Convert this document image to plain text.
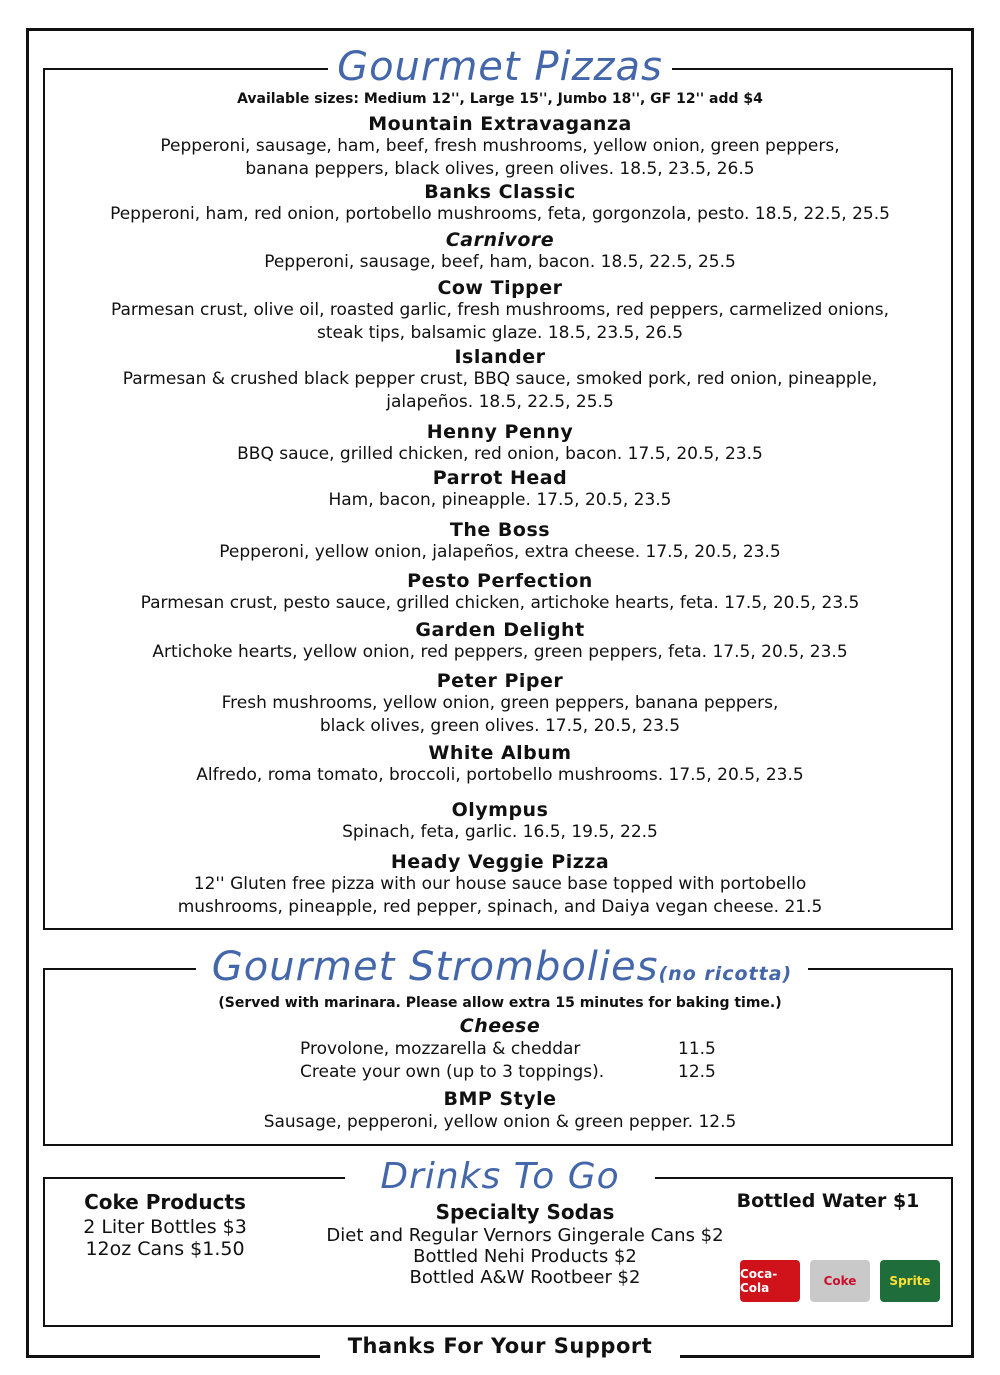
Gourmet Pizzas
Available sizes: Medium 12'', Large 15'', Jumbo 18'', GF 12'' add $4
Mountain Extravaganza
Pepperoni, sausage, ham, beef, fresh mushrooms, yellow onion, green peppers,
banana peppers, black olives, green olives. 18.5, 23.5, 26.5
Banks Classic
Pepperoni, ham, red onion, portobello mushrooms, feta, gorgonzola, pesto. 18.5, 22.5, 25.5
Carnivore
Pepperoni, sausage, beef, ham, bacon. 18.5, 22.5, 25.5
Cow Tipper
Parmesan crust, olive oil, roasted garlic, fresh mushrooms, red peppers, carmelized onions,
steak tips, balsamic glaze. 18.5, 23.5, 26.5
Islander
Parmesan & crushed black pepper crust, BBQ sauce, smoked pork, red onion, pineapple,
jalapeños. 18.5, 22.5, 25.5
Henny Penny
BBQ sauce, grilled chicken, red onion, bacon. 17.5, 20.5, 23.5
Parrot Head
Ham, bacon, pineapple. 17.5, 20.5, 23.5
The Boss
Pepperoni, yellow onion, jalapeños, extra cheese. 17.5, 20.5, 23.5
Pesto Perfection
Parmesan crust, pesto sauce, grilled chicken, artichoke hearts, feta. 17.5, 20.5, 23.5
Garden Delight
Artichoke hearts, yellow onion, red peppers, green peppers, feta. 17.5, 20.5, 23.5
Peter Piper
Fresh mushrooms, yellow onion, green peppers, banana peppers,
black olives, green olives. 17.5, 20.5, 23.5
White Album
Alfredo, roma tomato, broccoli, portobello mushrooms. 17.5, 20.5, 23.5
Olympus
Spinach, feta, garlic. 16.5, 19.5, 22.5
Heady Veggie Pizza
12'' Gluten free pizza with our house sauce base topped with portobello
mushrooms, pineapple, red pepper, spinach, and Daiya vegan cheese. 21.5
Gourmet Strombolies(no ricotta)
(Served with marinara. Please allow extra 15 minutes for baking time.)
Cheese
Provolone, mozzarella & cheddar	11.5
Create your own (up to 3 toppings).	12.5
BMP Style
Sausage, pepperoni, yellow onion & green pepper. 12.5
Drinks To Go
Coke Products
2 Liter Bottles $3
12oz Cans $1.50
Specialty Sodas
Diet and Regular Vernors Gingerale Cans $2
Bottled Nehi Products $2
Bottled A&W Rootbeer $2
Bottled Water $1
Coca-Cola	Coke	Sprite
Thanks For Your Support
